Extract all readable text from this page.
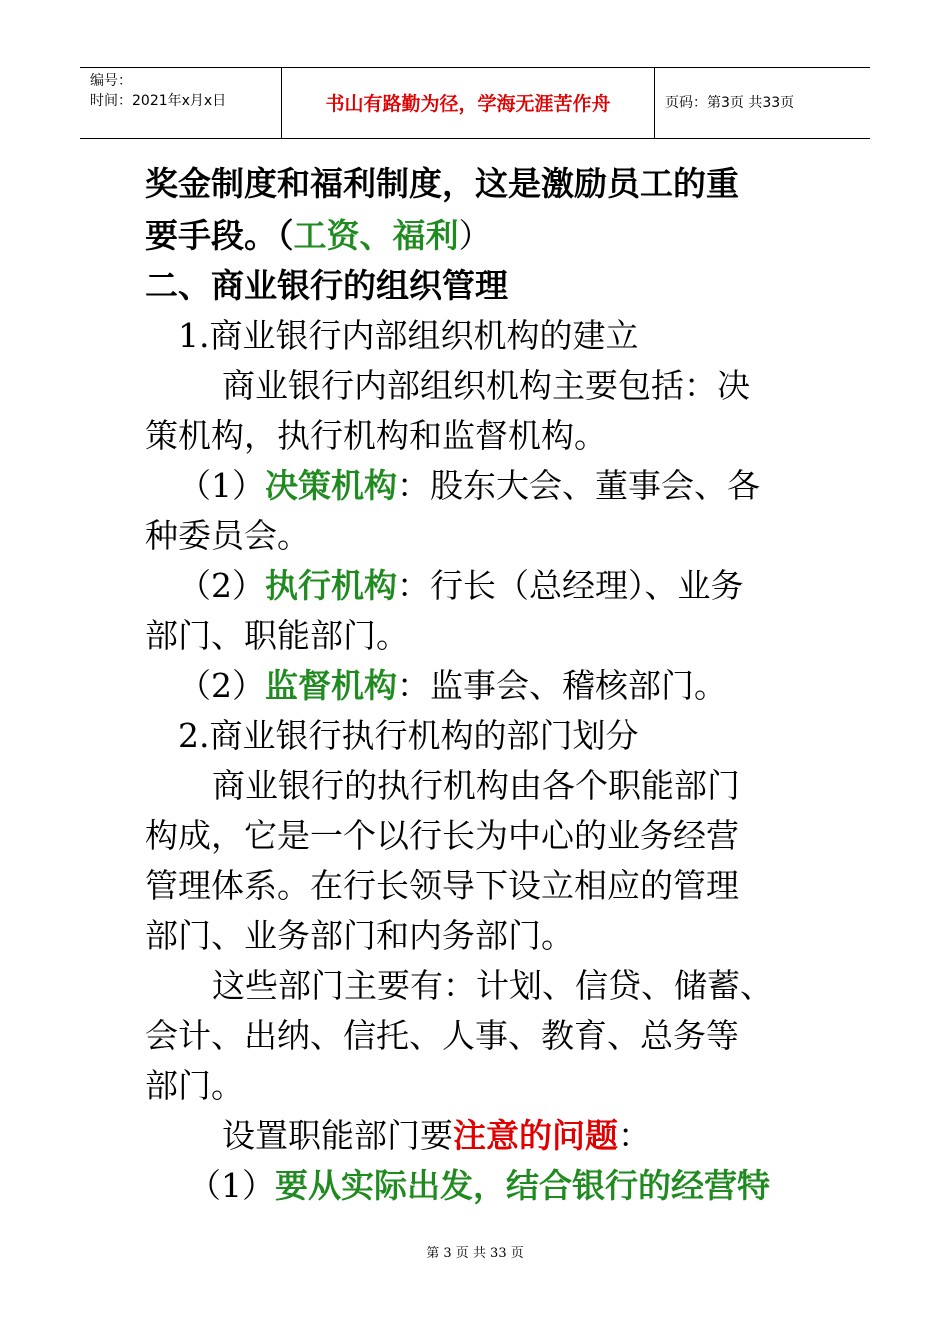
编号：
时间：2021年x月x日	书山有路勤为径，学海无涯苦作舟	页码：第3页 共33页
奖金制度和福利制度，这是激励员工的重
要手段。（工资、福利）
二、商业银行的组织管理
1.商业银行内部组织机构的建立
商业银行内部组织机构主要包括：决
策机构，执行机构和监督机构。
（1）决策机构：股东大会、董事会、各
种委员会。
（2）执行机构：行长（总经理）、业务
部门、职能部门。
（2）监督机构：监事会、稽核部门。
2.商业银行执行机构的部门划分
商业银行的执行机构由各个职能部门
构成，它是一个以行长为中心的业务经营
管理体系。在行长领导下设立相应的管理
部门、业务部门和内务部门。
这些部门主要有：计划、信贷、储蓄、
会计、出纳、信托、人事、教育、总务等
部门。
设置职能部门要注意的问题：
（1）要从实际出发，结合银行的经营特
第 3 页 共 33 页
